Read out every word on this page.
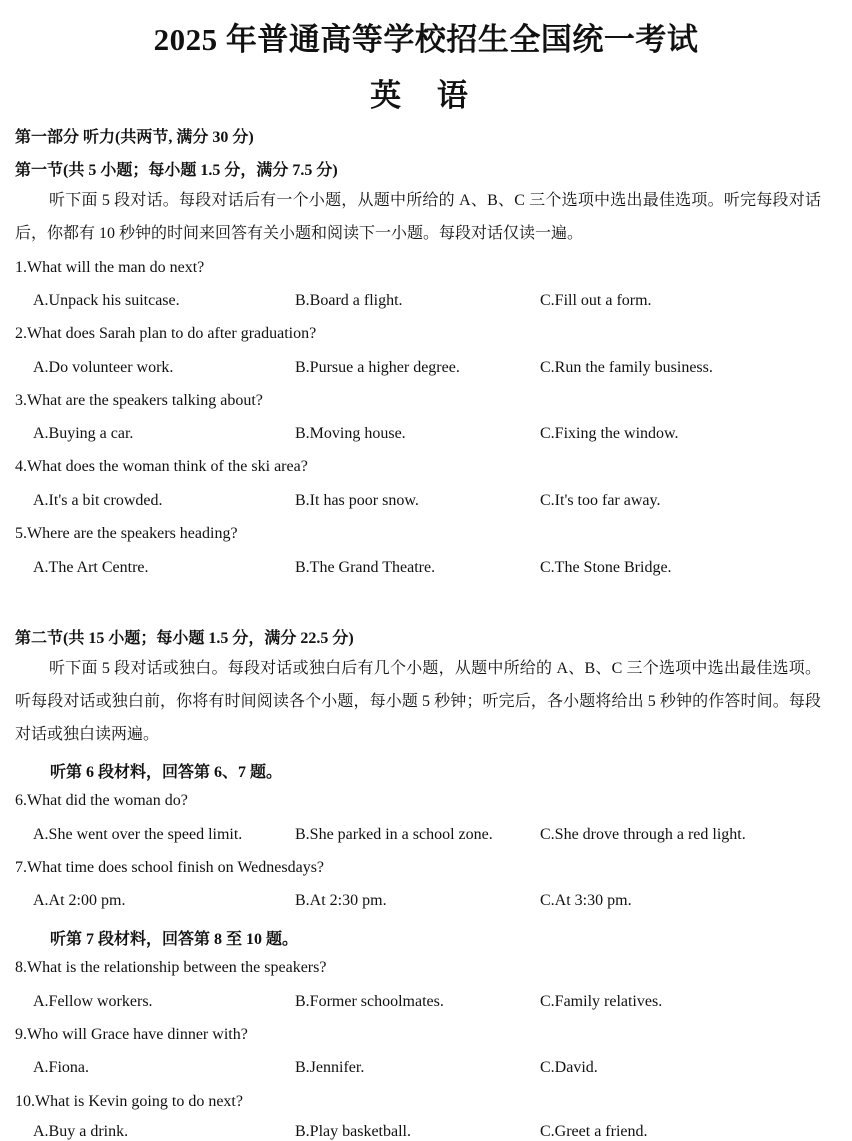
2025 年普通高等学校招生全国统一考试
英 语
第一部分 听力(共两节, 满分 30 分)
第一节(共 5 小题；每小题 1.5 分，满分 7.5 分)

听下面 5 段对话。每段对话后有一个小题，从题中所给的 A、B、C 三个选项中选出最佳选项。听完每段对话后，你都有 10 秒钟的时间来回答有关小题和阅读下一小题。每段对话仅读一遍。

1.What will the man do next?
A.Unpack his suitcase.	B.Board a flight.	C.Fill out a form.
2.What does Sarah plan to do after graduation?
A.Do volunteer work.	B.Pursue a higher degree.	C.Run the family business.
3.What are the speakers talking about?
A.Buying a car.	B.Moving house.	C.Fixing the window.
4.What does the woman think of the ski area?
A.It's a bit crowded.	B.It has poor snow.	C.It's too far away.
5.Where are the speakers heading?
A.The Art Centre.	B.The Grand Theatre.	C.The Stone Bridge.
第二节(共 15 小题；每小题 1.5 分，满分 22.5 分)

听下面 5 段对话或独白。每段对话或独白后有几个小题，从题中所给的 A、B、C 三个选项中选出最佳选项。听每段对话或独白前，你将有时间阅读各个小题，每小题 5 秒钟；听完后，各小题将给出 5 秒钟的作答时间。每段对话或独白读两遍。

听第 6 段材料，回答第 6、7 题。
6.What did the woman do?
A.She went over the speed limit.	B.She parked in a school zone.	C.She drove through a red light.
7.What time does school finish on Wednesdays?
A.At 2:00 pm.	B.At 2:30 pm.	C.At 3:30 pm.
听第 7 段材料，回答第 8 至 10 题。
8.What is the relationship between the speakers?
A.Fellow workers.	B.Former schoolmates.	C.Family relatives.
9.Who will Grace have dinner with?
A.Fiona.	B.Jennifer.	C.David.
10.What is Kevin going to do next?
A.Buy a drink.	B.Play basketball.	C.Greet a friend.
